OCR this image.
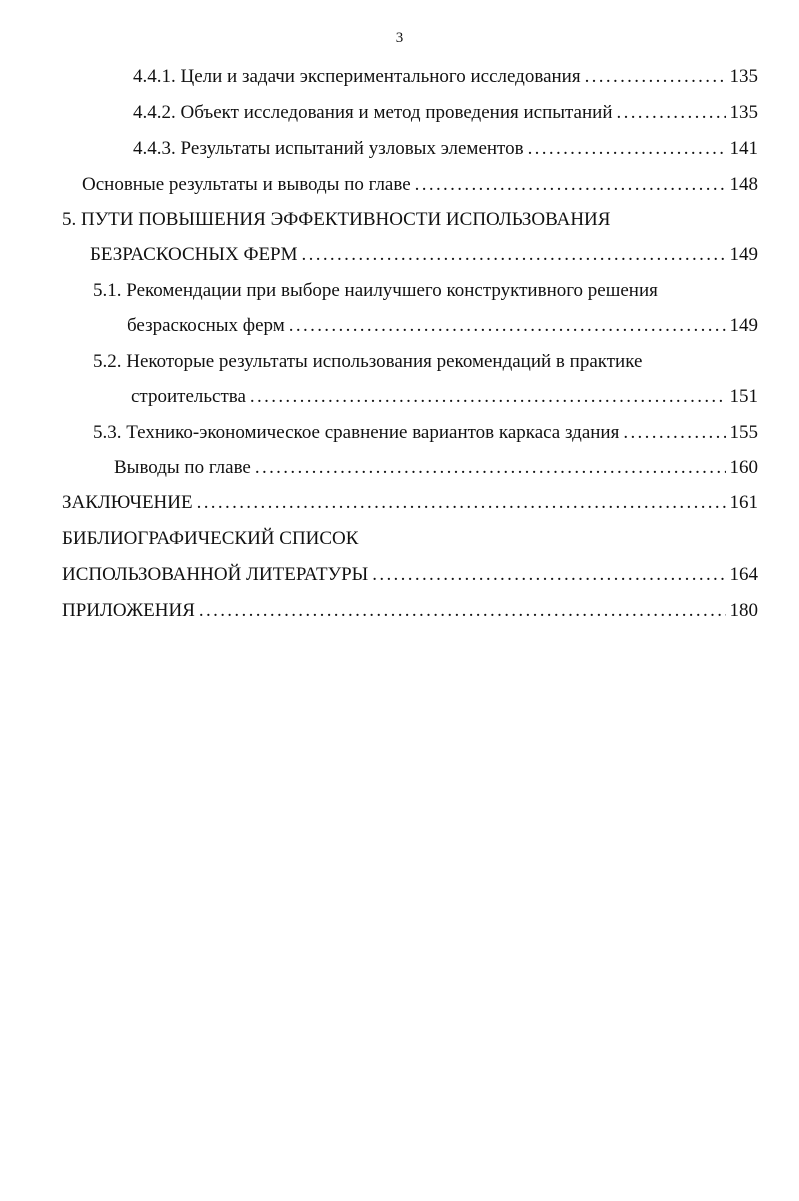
3
4.4.1. Цели и задачи экспериментального исследования . . .	135
4.4.2. Объект исследования и метод проведения испытаний . . .	135
4.4.3. Результаты испытаний узловых элементов . . .	141
Основные результаты и выводы по главе . . .	148
5. ПУТИ ПОВЫШЕНИЯ ЭФФЕКТИВНОСТИ ИСПОЛЬЗОВАНИЯ
БЕЗРАСКОСНЫХ ФЕРМ . . .	149
5.1. Рекомендации при выборе наилучшего конструктивного решения
безраскосных ферм . . .	149
5.2. Некоторые результаты использования рекомендаций в практике
строительства . . .	151
5.3. Технико-экономическое сравнение вариантов каркаса здания . . .	155
Выводы по главе . . .	160
ЗАКЛЮЧЕНИЕ . . .	161
БИБЛИОГРАФИЧЕСКИЙ СПИСОК
ИСПОЛЬЗОВАННОЙ ЛИТЕРАТУРЫ . . .	164
ПРИЛОЖЕНИЯ . . .	180
